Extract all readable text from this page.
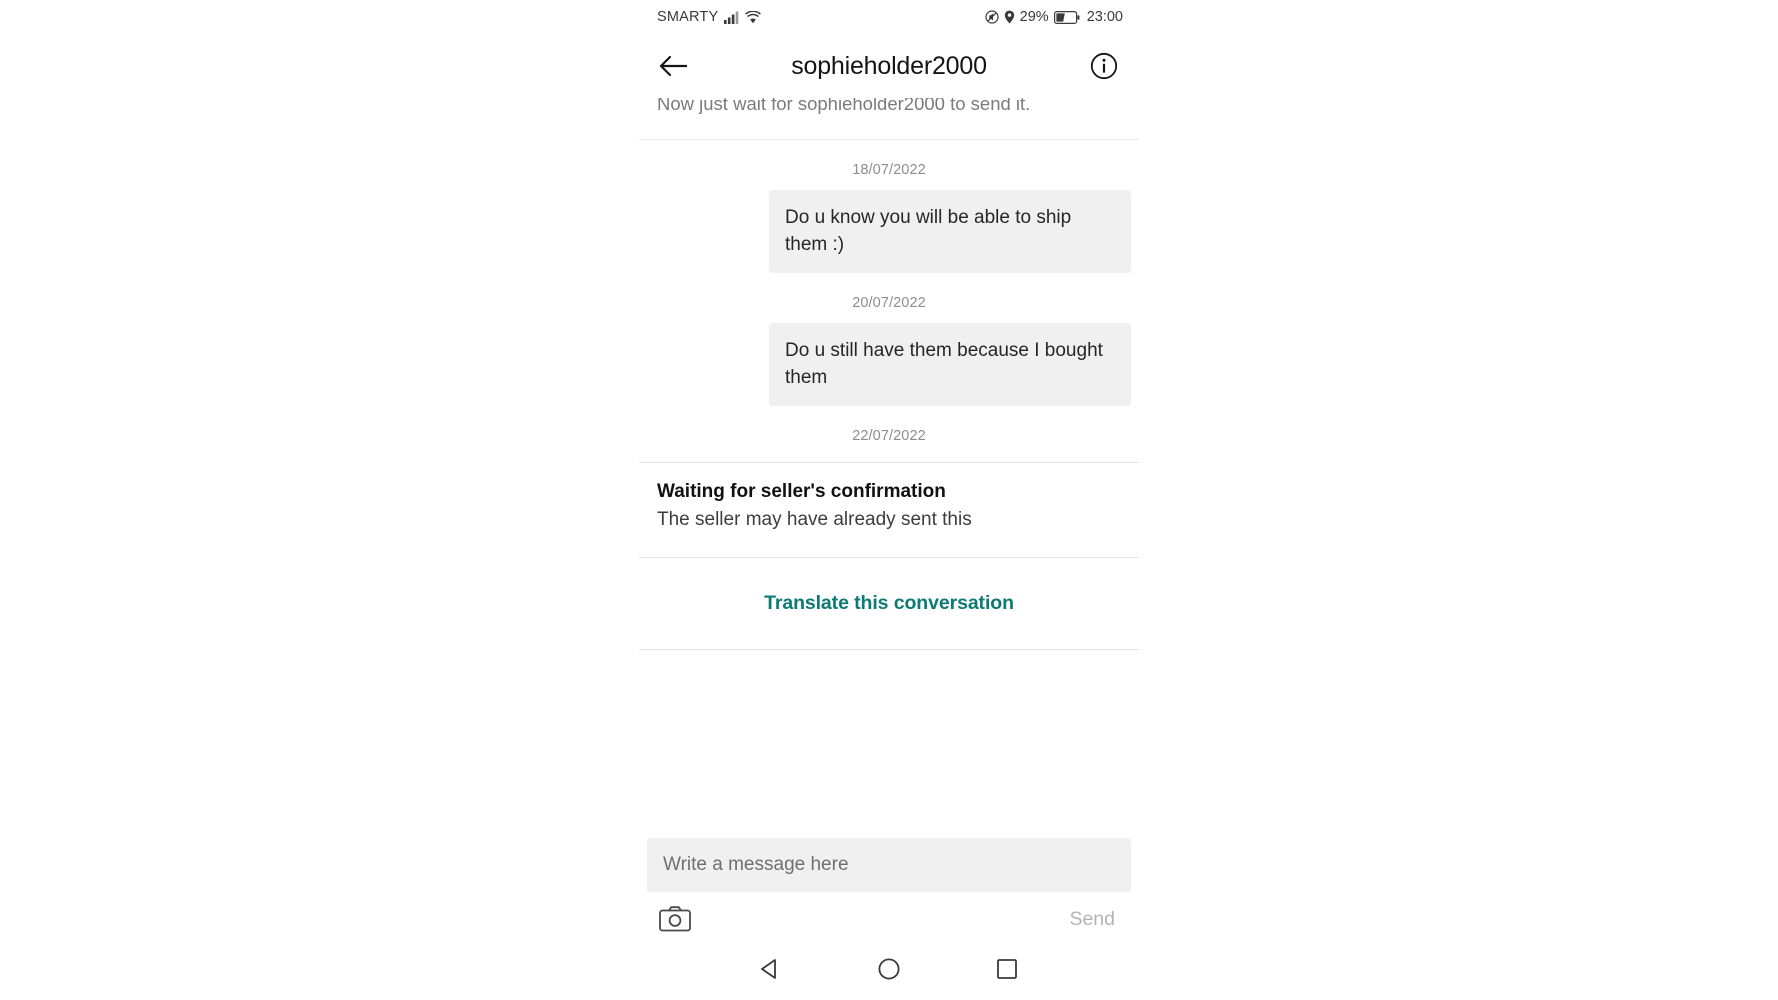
SMARTY	29%	23:00
sophieholder2000
Now just wait for sophieholder2000 to send it.
18/07/2022
Do u know you will be able to ship them :)
20/07/2022
Do u still have them because I bought them
22/07/2022
Waiting for seller's confirmation
The seller may have already sent this
Translate this conversation
Write a message here
Send
